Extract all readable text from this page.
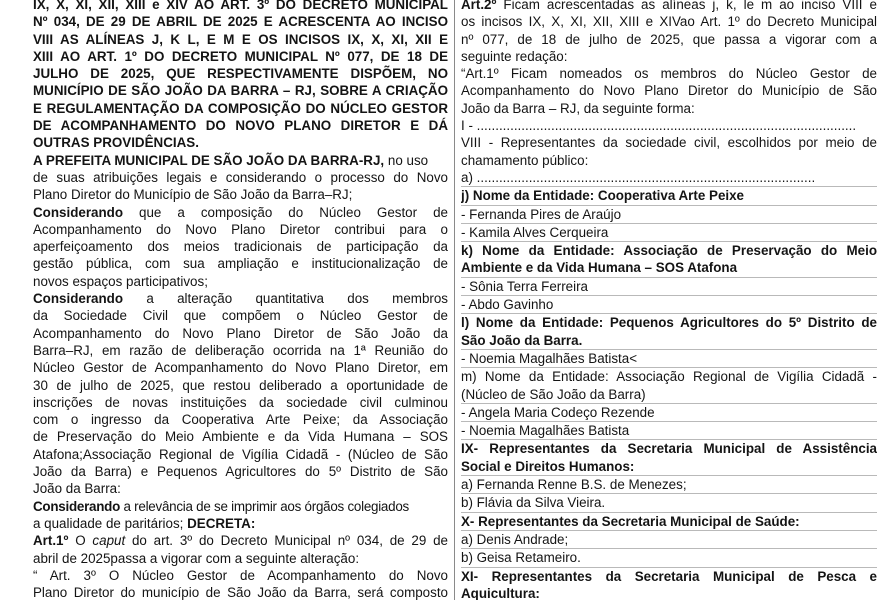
IX, X, XI, XII, XIII e XIV AO ART. 3º DO DECRETO MUNICIPAL
Nº 034, DE 29 DE ABRIL DE 2025 E ACRESCENTA AO INCISO
VIII AS ALÍNEAS J, K L, E M E OS INCISOS IX, X, XI, XII E
XIII AO ART. 1º DO DECRETO MUNICIPAL Nº 077, DE 18 DE
JULHO DE 2025, QUE RESPECTIVAMENTE DISPÕEM, NO
MUNICÍPIO DE SÃO JOÃO DA BARRA – RJ, SOBRE A CRIAÇÃO
E REGULAMENTAÇÃO DA COMPOSIÇÃO DO NÚCLEO GESTOR
DE ACOMPANHAMENTO DO NOVO PLANO DIRETOR E DÁ
OUTRAS PROVIDÊNCIAS.
A PREFEITA MUNICIPAL DE SÃO JOÃO DA BARRA-RJ, no uso
de suas atribuições legais e considerando o processo do Novo
Plano Diretor do Município de São João da Barra–RJ;
Considerando que a composição do Núcleo Gestor de
Acompanhamento do Novo Plano Diretor contribui para o
aperfeiçoamento dos meios tradicionais de participação da
gestão pública, com sua ampliação e institucionalização de
novos espaços participativos;
Considerando a alteração quantitativa dos membros
da Sociedade Civil que compõem o Núcleo Gestor de
Acompanhamento do Novo Plano Diretor de São João da
Barra–RJ, em razão de deliberação ocorrida na 1ª Reunião do
Núcleo Gestor de Acompanhamento do Novo Plano Diretor, em
30 de julho de 2025, que restou deliberado a oportunidade de
inscrições de novas instituições da sociedade civil culminou
com o ingresso da Cooperativa Arte Peixe; da Associação
de Preservação do Meio Ambiente e da Vida Humana – SOS
Atafona;Associação Regional de Vigília Cidadã - (Núcleo de São
João da Barra) e Pequenos Agricultores do 5º Distrito de São
João da Barra:
Considerando a relevância de se imprimir aos órgãos colegiados
a qualidade de paritários; DECRETA:
Art.1º O caput do art. 3º do Decreto Municipal nº 034, de 29 de
abril de 2025passa a vigorar com a seguinte alteração:
“ Art. 3º O Núcleo Gestor de Acompanhamento do Novo
Plano Diretor do município de São João da Barra, será composto
Art.2º Ficam acrescentadas as alíneas j, k, le m ao inciso VIII e
os incisos IX, X, XI, XII, XIII e XIVao Art. 1º do Decreto Municipal
nº 077, de 18 de julho de 2025, que passa a vigorar com a
seguinte redação:
“Art.1º Ficam nomeados os membros do Núcleo Gestor de
Acompanhamento do Novo Plano Diretor do Município de São
João da Barra – RJ, da seguinte forma:
I - ......................................................................................................
VIII - Representantes da sociedade civil, escolhidos por meio de
chamamento público:
a) ...........................................................................................
j) Nome da Entidade: Cooperativa Arte Peixe
- Fernanda Pires de Araújo
- Kamila Alves Cerqueira
k) Nome da Entidade: Associação de Preservação do Meio
Ambiente e da Vida Humana – SOS Atafona
- Sônia Terra Ferreira
- Abdo Gavinho
l) Nome da Entidade: Pequenos Agricultores do 5º Distrito de
São João da Barra.
- Noemia Magalhães Batista<
m) Nome da Entidade: Associação Regional de Vigília Cidadã -
(Núcleo de São João da Barra)
- Angela Maria Codeço Rezende
- Noemia Magalhães Batista
IX- Representantes da Secretaria Municipal de Assistência
Social e Direitos Humanos:
a) Fernanda Renne B.S. de Menezes;
b) Flávia da Silva Vieira.
X- Representantes da Secretaria Municipal de Saúde:
a) Denis Andrade;
b) Geisa Retameiro.
XI- Representantes da Secretaria Municipal de Pesca e
Aquicultura:
